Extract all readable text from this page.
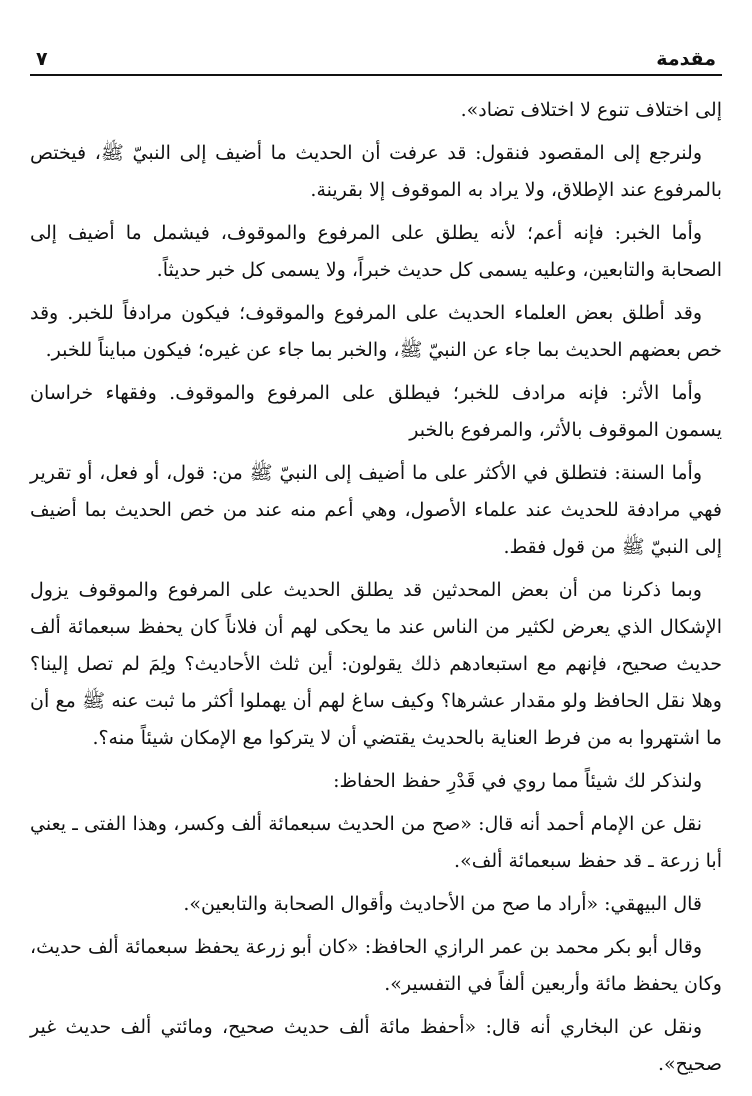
مقدمة
٧

إلى اختلاف تنوع لا اختلاف تضاد».

ولنرجع إلى المقصود فنقول: قد عرفت أن الحديث ما أضيف إلى النبيّ ﷺ، فيختص بالمرفوع عند الإطلاق، ولا يراد به الموقوف إلا بقرينة.

وأما الخبر: فإنه أعم؛ لأنه يطلق على المرفوع والموقوف، فيشمل ما أضيف إلى الصحابة والتابعين، وعليه يسمى كل حديث خبراً، ولا يسمى كل خبر حديثاً.

وقد أطلق بعض العلماء الحديث على المرفوع والموقوف؛ فيكون مرادفاً للخبر. وقد خص بعضهم الحديث بما جاء عن النبيّ ﷺ، والخبر بما جاء عن غيره؛ فيكون مبايناً للخبر.

وأما الأثر: فإنه مرادف للخبر؛ فيطلق على المرفوع والموقوف. وفقهاء خراسان يسمون الموقوف بالأثر، والمرفوع بالخبر

وأما السنة: فتطلق في الأكثر على ما أضيف إلى النبيّ ﷺ من: قول، أو فعل، أو تقرير فهي مرادفة للحديث عند علماء الأصول، وهي أعم منه عند من خص الحديث بما أضيف إلى النبيّ ﷺ من قول فقط.

وبما ذكرنا من أن بعض المحدثين قد يطلق الحديث على المرفوع والموقوف يزول الإشكال الذي يعرض لكثير من الناس عند ما يحكى لهم أن فلاناً كان يحفظ سبعمائة ألف حديث صحيح، فإنهم مع استبعادهم ذلك يقولون: أين ثلث الأحاديث؟ ولِمَ لم تصل إلينا؟ وهلا نقل الحافظ ولو مقدار عشرها؟ وكيف ساغ لهم أن يهملوا أكثر ما ثبت عنه ﷺ مع أن ما اشتهروا به من فرط العناية بالحديث يقتضي أن لا يتركوا مع الإمكان شيئاً منه؟.

ولنذكر لك شيئاً مما روي في قَدْرِ حفظ الحفاظ:

نقل عن الإمام أحمد أنه قال: «صح من الحديث سبعمائة ألف وكسر، وهذا الفتى ـ يعني أبا زرعة ـ قد حفظ سبعمائة ألف».

قال البيهقي: «أراد ما صح من الأحاديث وأقوال الصحابة والتابعين».

وقال أبو بكر محمد بن عمر الرازي الحافظ: «كان أبو زرعة يحفظ سبعمائة ألف حديث، وكان يحفظ مائة وأربعين ألفاً في التفسير».

ونقل عن البخاري أنه قال: «أحفظ مائة ألف حديث صحيح، ومائتي ألف حديث غير صحيح».
